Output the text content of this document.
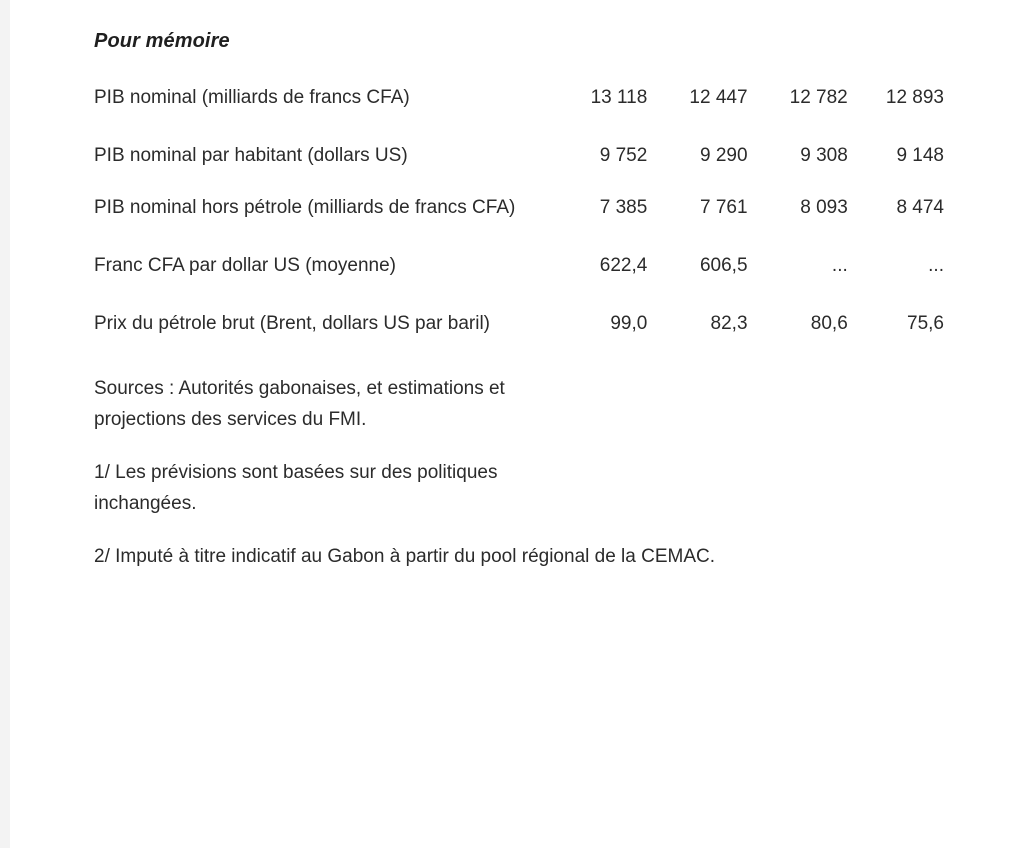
Pour mémoire
PIB nominal (milliards de francs CFA)	13 118	12 447	12 782	12 893

PIB nominal par habitant (dollars US)	9 752	9 290	9 308	9 148

PIB nominal hors pétrole (milliards de francs CFA)	7 385	7 761	8 093	8 474

Franc CFA par dollar US (moyenne)	622,4	606,5	...	...

Prix du pétrole brut (Brent, dollars US par baril)	99,0	82,3	80,6	75,6
Sources : Autorités gabonaises, et estimations et projections des services du FMI.
1/ Les prévisions sont basées sur des politiques inchangées.
2/ Imputé à titre indicatif au Gabon à partir du pool régional de la CEMAC.
